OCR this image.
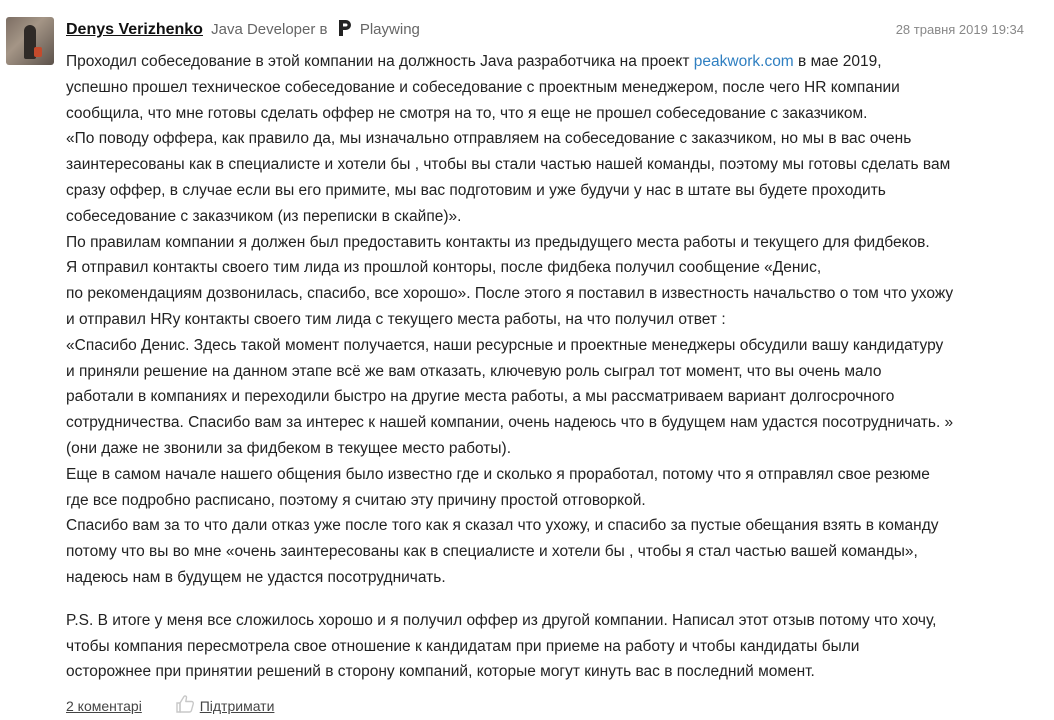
Denys Verizhenko Java Developer в Playwing	28 травня 2019 19:34

Проходил собеседование в этой компании на должность Java разработчика на проект peakwork.com в мае 2019,
успешно прошел техническое собеседование и собеседование с проектным менеджером, после чего HR компании
сообщила, что мне готовы сделать оффер не смотря на то, что я еще не прошел собеседование с заказчиком.
«По поводу оффера, как правило да, мы изначально отправляем на собеседование с заказчиком, но мы в вас очень
заинтересованы как в специалисте и хотели бы , чтобы вы стали частью нашей команды, поэтому мы готовы сделать вам
сразу оффер, в случае если вы его примите, мы вас подготовим и уже будучи у нас в штате вы будете проходить
собеседование с заказчиком (из переписки в скайпе)».
По правилам компании я должен был предоставить контакты из предыдущего места работы и текущего для фидбеков.
Я отправил контакты своего тим лида из прошлой конторы, после фидбека получил сообщение «Денис,
по рекомендациям дозвонилась, спасибо, все хорошо». После этого я поставил в известность начальство о том что ухожу
и отправил HRу контакты своего тим лида с текущего места работы, на что получил ответ :
«Спасибо Денис. Здесь такой момент получается, наши ресурсные и проектные менеджеры обсудили вашу кандидатуру
и приняли решение на данном этапе всё же вам отказать, ключевую роль сыграл тот момент, что вы очень мало
работали в компаниях и переходили быстро на другие места работы, а мы рассматриваем вариант долгосрочного
сотрудничества. Спасибо вам за интерес к нашей компании, очень надеюсь что в будущем нам удастся посотрудничать. »
(они даже не звонили за фидбеком в текущее место работы).
Еще в самом начале нашего общения было известно где и сколько я проработал, потому что я отправлял свое резюме
где все подробно расписано, поэтому я считаю эту причину простой отговоркой.
Спасибо вам за то что дали отказ уже после того как я сказал что ухожу, и спасибо за пустые обещания взять в команду
потому что вы во мне «очень заинтересованы как в специалисте и хотели бы , чтобы я стал частью вашей команды»,
надеюсь нам в будущем не удастся посотрудничать.

P.S. В итоге у меня все сложилось хорошо и я получил оффер из другой компании. Написал этот отзыв потому что хочу,
чтобы компания пересмотрела свое отношение к кандидатам при приеме на работу и чтобы кандидаты были
осторожнее при принятии решений в сторону компаний, которые могут кинуть вас в последний момент.

2 коментарі	Підтримати
